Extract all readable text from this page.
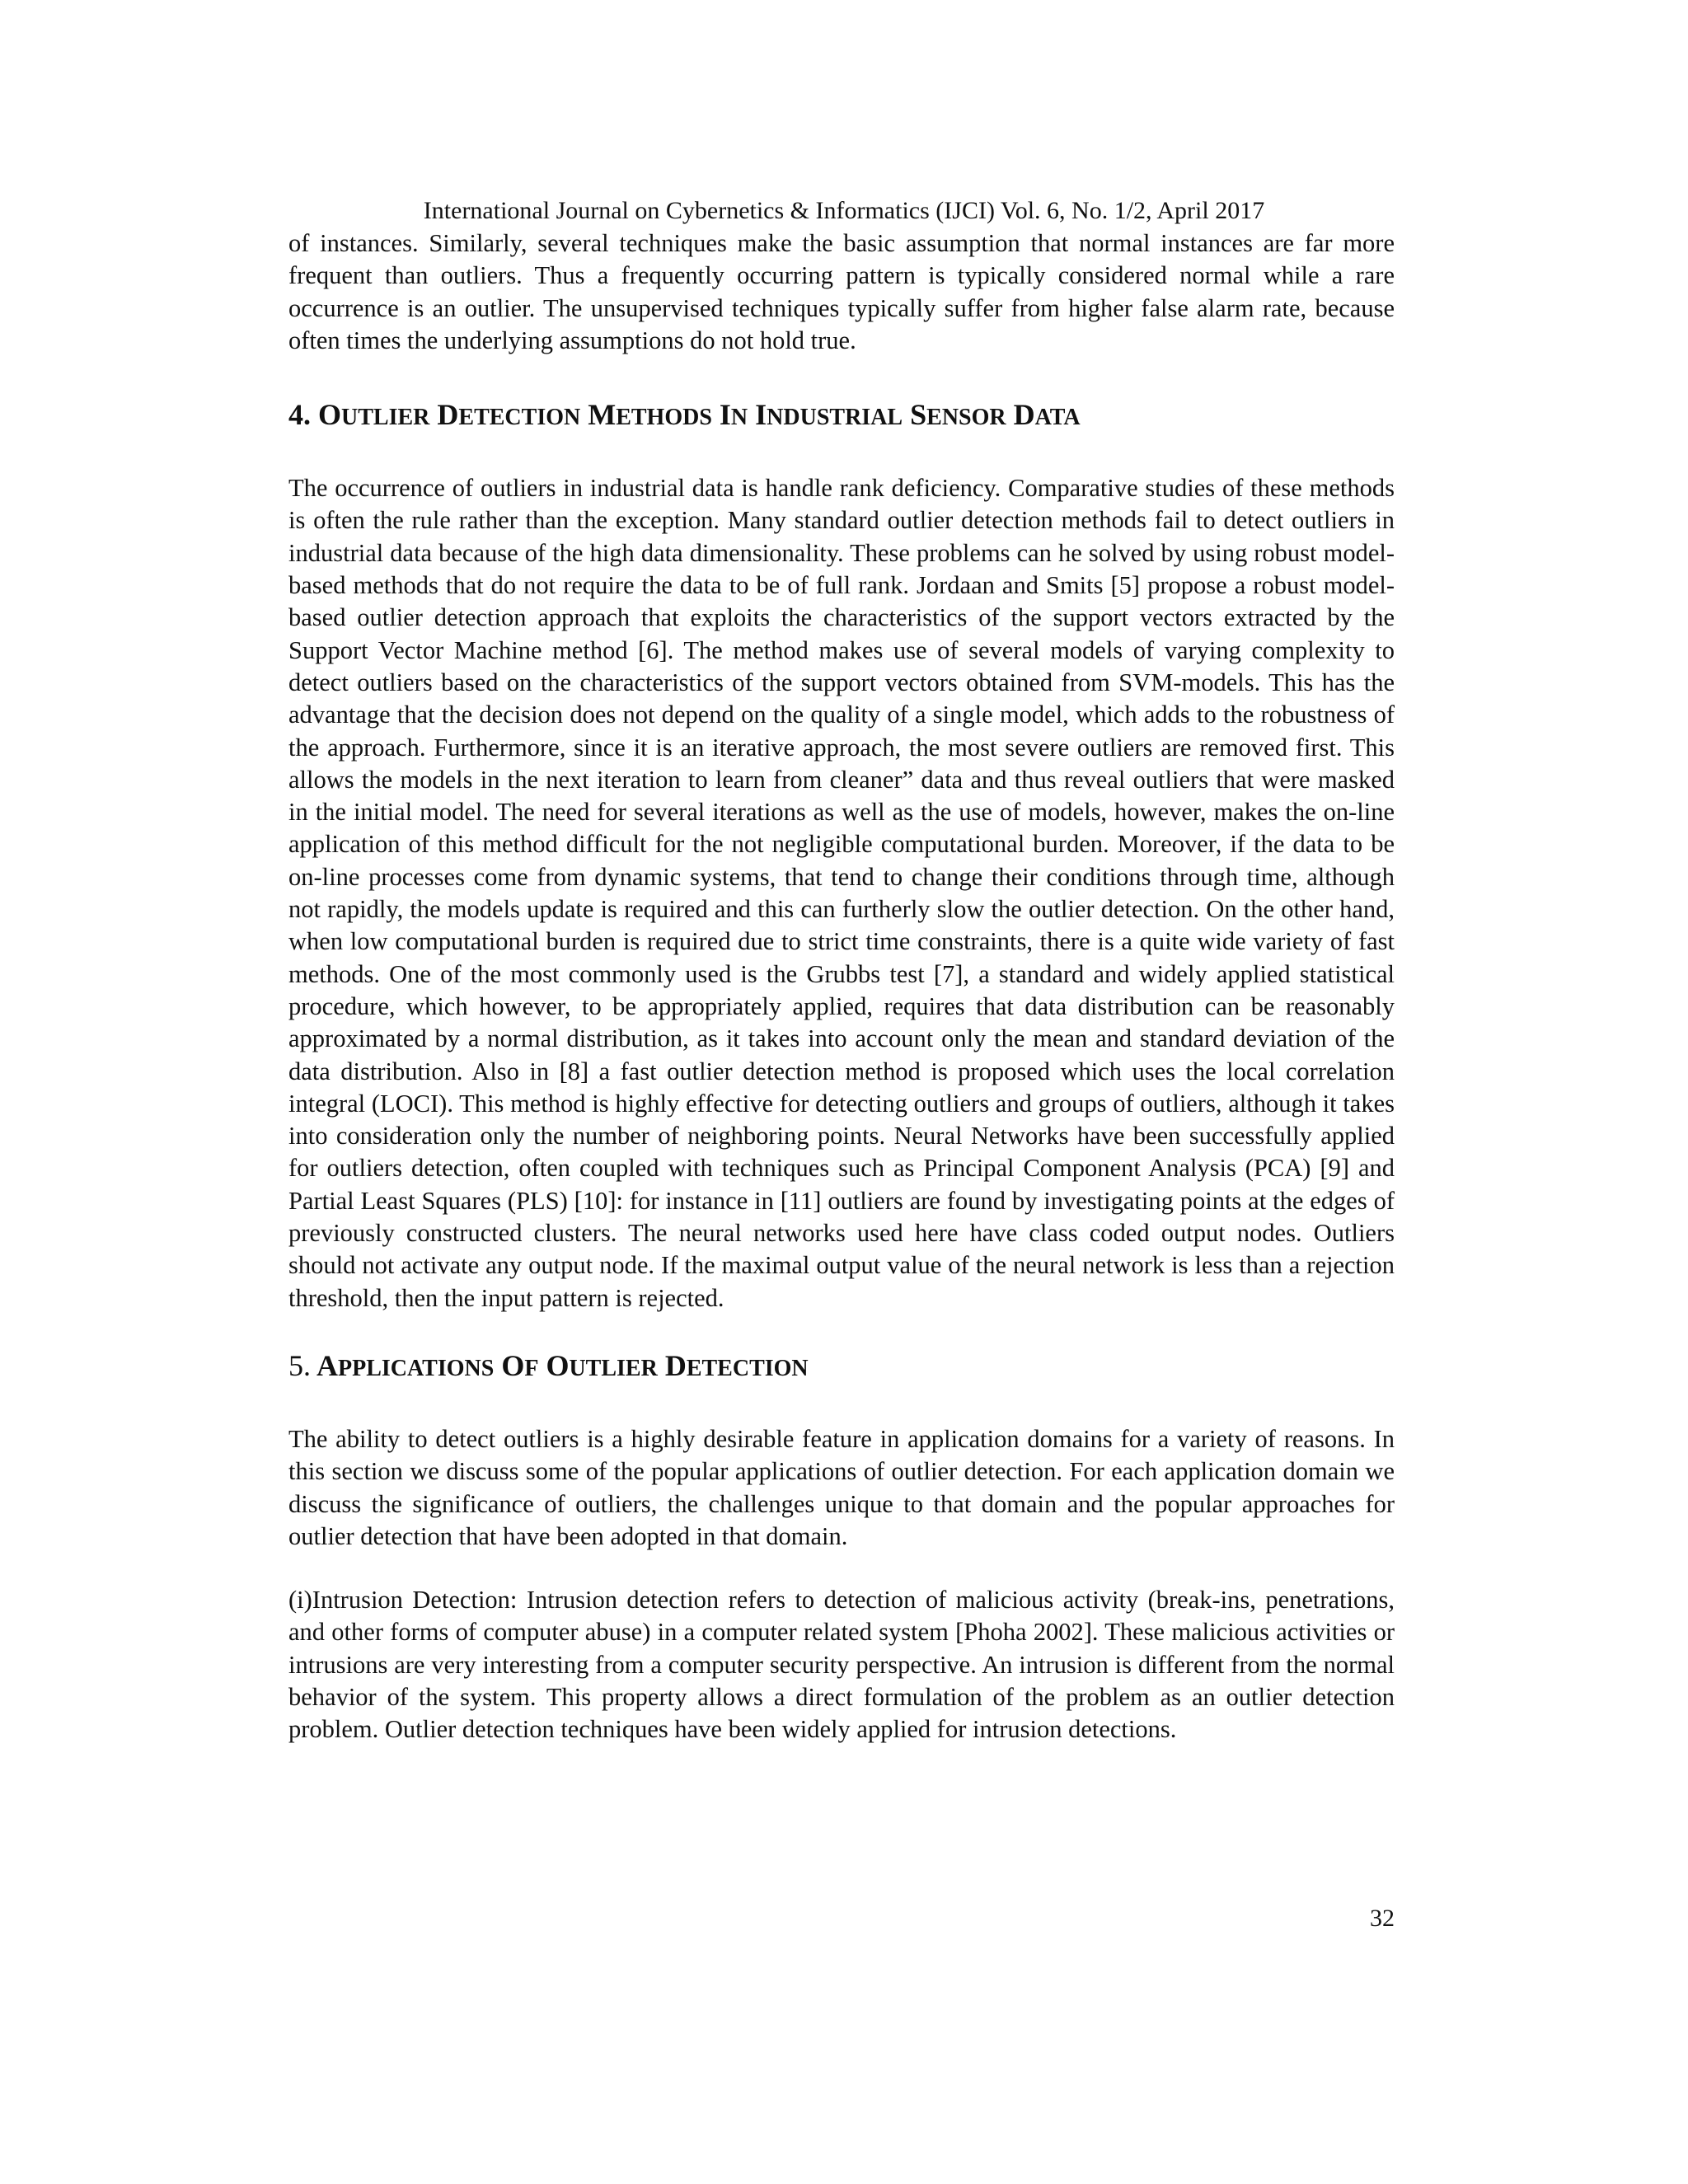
International Journal on Cybernetics & Informatics (IJCI) Vol. 6, No. 1/2, April 2017

of instances. Similarly, several techniques make the basic assumption that normal instances are far more frequent than outliers. Thus a frequently occurring pattern is typically considered normal while a rare occurrence is an outlier. The unsupervised techniques typically suffer from higher false alarm rate, because often times the underlying assumptions do not hold true.

4. OUTLIER DETECTION METHODS IN INDUSTRIAL SENSOR DATA

The occurrence of outliers in industrial data is handle rank deficiency. Comparative studies of these methods is often the rule rather than the exception. Many standard outlier detection methods fail to detect outliers in industrial data because of the high data dimensionality. These problems can he solved by using robust model-based methods that do not require the data to be of full rank. Jordaan and Smits [5] propose a robust model-based outlier detection approach that exploits the characteristics of the support vectors extracted by the Support Vector Machine method [6]. The method makes use of several models of varying complexity to detect outliers based on the characteristics of the support vectors obtained from SVM-models. This has the advantage that the decision does not depend on the quality of a single model, which adds to the robustness of the approach. Furthermore, since it is an iterative approach, the most severe outliers are removed first. This allows the models in the next iteration to learn from cleaner” data and thus reveal outliers that were masked in the initial model. The need for several iterations as well as the use of models, however, makes the on-line application of this method difficult for the not negligible computational burden. Moreover, if the data to be on-line processes come from dynamic systems, that tend to change their conditions through time, although not rapidly, the models update is required and this can furtherly slow the outlier detection. On the other hand, when low computational burden is required due to strict time constraints, there is a quite wide variety of fast methods. One of the most commonly used is the Grubbs test [7], a standard and widely applied statistical procedure, which however, to be appropriately applied, requires that data distribution can be reasonably approximated by a normal distribution, as it takes into account only the mean and standard deviation of the data distribution. Also in [8] a fast outlier detection method is proposed which uses the local correlation integral (LOCI). This method is highly effective for detecting outliers and groups of outliers, although it takes into consideration only the number of neighboring points. Neural Networks have been successfully applied for outliers detection, often coupled with techniques such as Principal Component Analysis (PCA) [9] and Partial Least Squares (PLS) [10]: for instance in [11] outliers are found by investigating points at the edges of previously constructed clusters. The neural networks used here have class coded output nodes. Outliers should not activate any output node. If the maximal output value of the neural network is less than a rejection threshold, then the input pattern is rejected.

5. APPLICATIONS OF OUTLIER DETECTION

The ability to detect outliers is a highly desirable feature in application domains for a variety of reasons. In this section we discuss some of the popular applications of outlier detection. For each application domain we discuss the significance of outliers, the challenges unique to that domain and the popular approaches for outlier detection that have been adopted in that domain.

(i)Intrusion Detection: Intrusion detection refers to detection of malicious activity (break-ins, penetrations, and other forms of computer abuse) in a computer related system [Phoha 2002]. These malicious activities or intrusions are very interesting from a computer security perspective. An intrusion is different from the normal behavior of the system. This property allows a direct formulation of the problem as an outlier detection problem. Outlier detection techniques have been widely applied for intrusion detections.

32
